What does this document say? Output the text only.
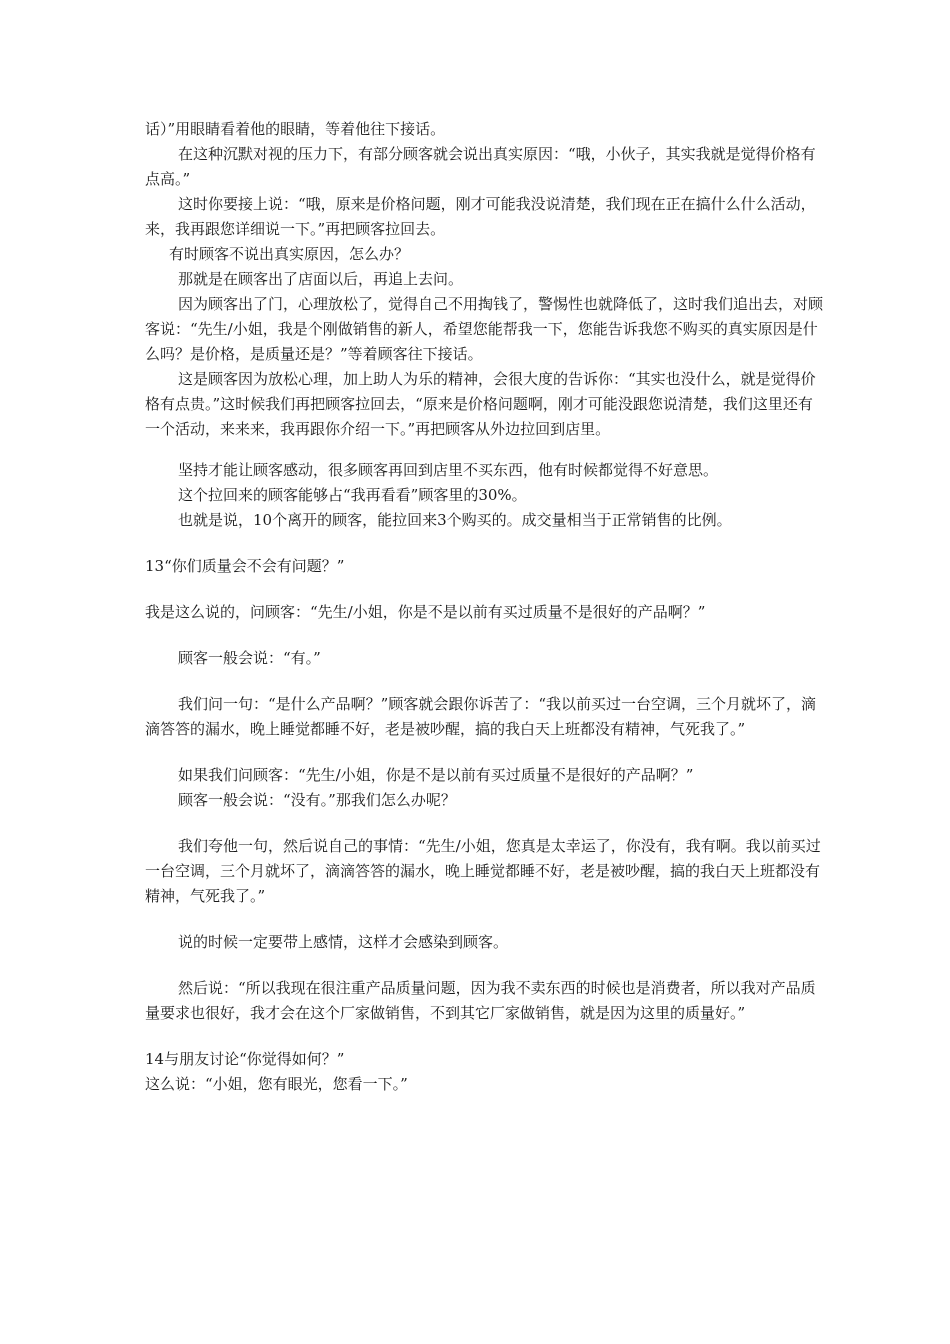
话）”用眼睛看着他的眼睛，等着他往下接话。

在这种沉默对视的压力下，有部分顾客就会说出真实原因：“哦，小伙子，其实我就是觉得价格有点高。”

这时你要接上说：“哦，原来是价格问题，刚才可能我没说清楚，我们现在正在搞什么什么活动，来，我再跟您详细说一下。”再把顾客拉回去。

有时顾客不说出真实原因，怎么办？

那就是在顾客出了店面以后，再追上去问。

因为顾客出了门，心理放松了，觉得自己不用掏钱了，警惕性也就降低了，这时我们追出去，对顾客说：“先生/小姐，我是个刚做销售的新人，希望您能帮我一下，您能告诉我您不购买的真实原因是什么吗？是价格，是质量还是？”等着顾客往下接话。

这是顾客因为放松心理，加上助人为乐的精神，会很大度的告诉你：“其实也没什么，就是觉得价格有点贵。”这时候我们再把顾客拉回去，“原来是价格问题啊，刚才可能没跟您说清楚，我们这里还有一个活动，来来来，我再跟你介绍一下。”再把顾客从外边拉回到店里。

坚持才能让顾客感动，很多顾客再回到店里不买东西，他有时候都觉得不好意思。

这个拉回来的顾客能够占“我再看看”顾客里的30%。

也就是说，10个离开的顾客，能拉回来3个购买的。成交量相当于正常销售的比例。

13“你们质量会不会有问题？”

我是这么说的，问顾客：“先生/小姐，你是不是以前有买过质量不是很好的产品啊？”

顾客一般会说：“有。”

我们问一句：“是什么产品啊？”顾客就会跟你诉苦了：“我以前买过一台空调，三个月就坏了，滴滴答答的漏水，晚上睡觉都睡不好，老是被吵醒，搞的我白天上班都没有精神，气死我了。”

如果我们问顾客：“先生/小姐，你是不是以前有买过质量不是很好的产品啊？”

顾客一般会说：“没有。”那我们怎么办呢？

我们夸他一句，然后说自己的事情：“先生/小姐，您真是太幸运了，你没有，我有啊。我以前买过一台空调，三个月就坏了，滴滴答答的漏水，晚上睡觉都睡不好，老是被吵醒，搞的我白天上班都没有精神，气死我了。”

说的时候一定要带上感情，这样才会感染到顾客。

然后说：“所以我现在很注重产品质量问题，因为我不卖东西的时候也是消费者，所以我对产品质量要求也很好，我才会在这个厂家做销售，不到其它厂家做销售，就是因为这里的质量好。”

14与朋友讨论“你觉得如何？”

这么说：“小姐，您有眼光，您看一下。”
